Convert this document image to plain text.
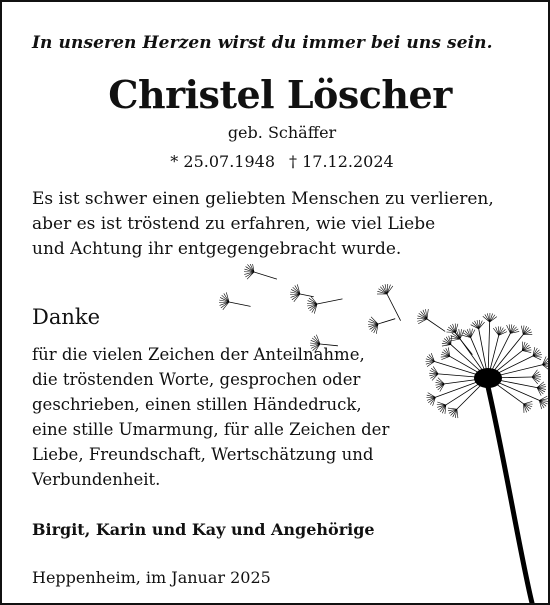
In unseren Herzen wirst du immer bei uns sein.
Christel Löscher
geb. Schäffer
* 25.07.1948 † 17.12.2024
Es ist schwer einen geliebten Menschen zu verlieren,
aber es ist tröstend zu erfahren, wie viel Liebe
und Achtung ihr entgegengebracht wurde.
Danke
für die vielen Zeichen der Anteilnahme,
die tröstenden Worte, gesprochen oder
geschrieben, einen stillen Händedruck,
eine stille Umarmung, für alle Zeichen der
Liebe, Freundschaft, Wertschätzung und
Verbundenheit.
Birgit, Karin und Kay und Angehörige
Heppenheim, im Januar 2025
